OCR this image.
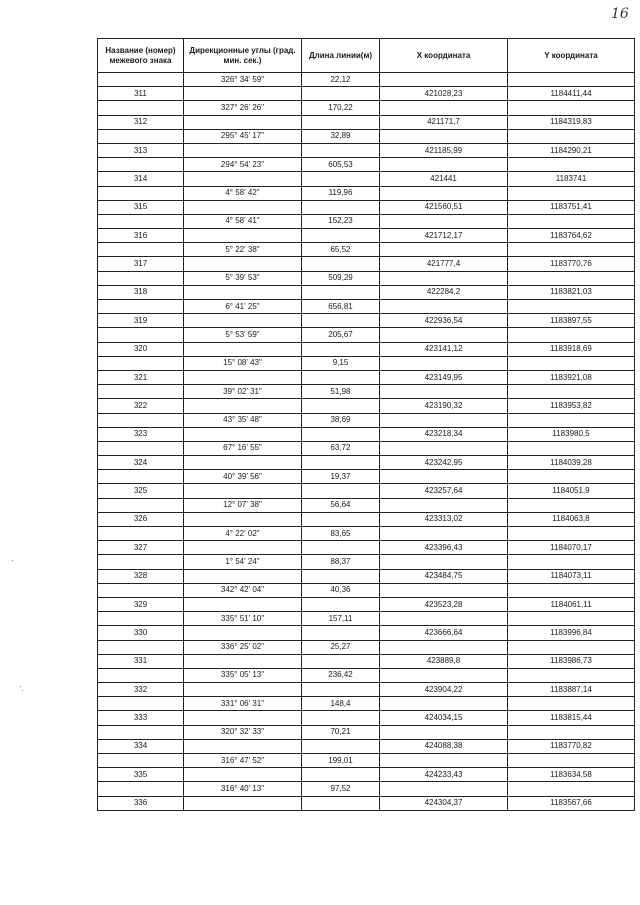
16
Название (номер) межевого знака	Дирекционные углы (град. мин. сек.)	Длина линии(м)	X координата	Y координата
	326° 34' 59"	22,12		
311			421028,23	1184411,44
	327° 26' 26"	170,22		
312			421171,7	1184319,83
	295° 45' 17"	32,89		
313			421185,99	1184290,21
	294° 54' 23"	605,53		
314			421441	1183741
	4° 58' 42"	119,96		
315			421560,51	1183751,41
	4° 58' 41"	152,23		
316			421712,17	1183764,62
	5° 22' 38"	65,52		
317			421777,4	1183770,76
	5° 39' 53"	509,29		
318			422284,2	1183821,03
	6° 41' 25"	656,81		
319			422936,54	1183897,55
	5° 53' 59"	205,67		
320			423141,12	1183918,69
	15° 08' 43"	9,15		
321			423149,95	1183921,08
	39° 02' 31"	51,98		
322			423190,32	1183953,82
	43° 35' 48"	38,69		
323			423218,34	1183980,5
	67° 16' 55"	63,72		
324			423242,95	1184039,28
	40° 39' 56"	19,37		
325			423257,64	1184051,9
	12° 07' 38"	56,64		
326			423313,02	1184063,8
	4° 22' 02"	83,65		
327			423396,43	1184070,17
	1° 54' 24"	88,37		
328			423484,75	1184073,11
	342° 42' 04"	40,36		
329			423523,28	1184061,11
	335° 51' 10"	157,11		
330			423666,64	1183996,84
	336° 25' 02"	25,27		
331			423889,8	1183986,73
	335° 05' 13"	236,42		
332			423904,22	1183887,14
	331° 06' 31"	148,4		
333			424034,15	1183815,44
	320° 32' 33"	70,21		
334			424088,38	1183770,82
	316° 47' 52"	199,01		
335			424233,43	1183634,58
	316° 40' 13"	97,52		
336			424304,37	1183567,66
